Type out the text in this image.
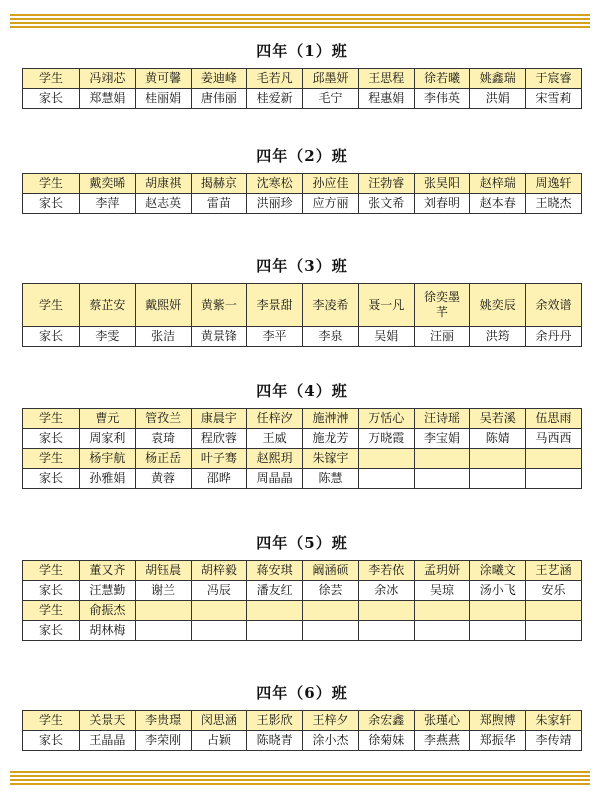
四年（1）班
学生	冯翊芯	黄可馨	姜迪峰	毛若凡	邱墨妍	王思程	徐若曦	姚鑫瑞	于宸睿
家长	郑慧娟	桂丽娟	唐伟丽	桂爱新	毛宁	程惠娟	李伟英	洪娟	宋雪莉
四年（2）班
学生	戴奕晞	胡康祺	揭赫京	沈寒松	孙应佳	汪勃睿	张昊阳	赵梓瑞	周逸轩
家长	李萍	赵志英	雷苗	洪丽珍	应方丽	张文希	刘春明	赵本春	王晓杰
四年（3）班
学生	蔡芷安	戴熙妍	黄紫一	李景甜	李凌希	聂一凡	徐奕墨芊	姚奕辰	余效谱
家长	李雯	张洁	黄景锋	李平	李泉	吴娟	汪丽	洪筠	余丹丹
四年（4）班
学生	曹元	管孜兰	康晨宇	任梓汐	施浺浺	万恬心	汪诗瑶	吴若溪	伍思雨
家长	周家利	袁琦	程欣蓉	王威	施龙芳	万晓霞	李宝娟	陈婧	马西西
学生	杨宇航	杨正岳	叶子骞	赵熙玥	朱镓宇				
家长	孙雅娟	黄蓉	邵晔	周晶晶	陈慧				
四年（5）班
学生	董又齐	胡钰晨	胡梓毅	蒋安琪	阚涵硕	李若依	孟玥妍	涂曦文	王艺涵
家长	汪慧勤	谢兰	冯辰	潘友红	徐芸	余冰	吴琼	汤小飞	安乐
学生	俞振杰								
家长	胡林梅								
四年（6）班
学生	关景天	李贵璟	闵思涵	王影欣	王梓夕	余宏鑫	张瑾心	郑煦博	朱家轩
家长	王晶晶	李荣刚	占颖	陈晓青	涂小杰	徐菊妹	李燕燕	郑振华	李传靖
